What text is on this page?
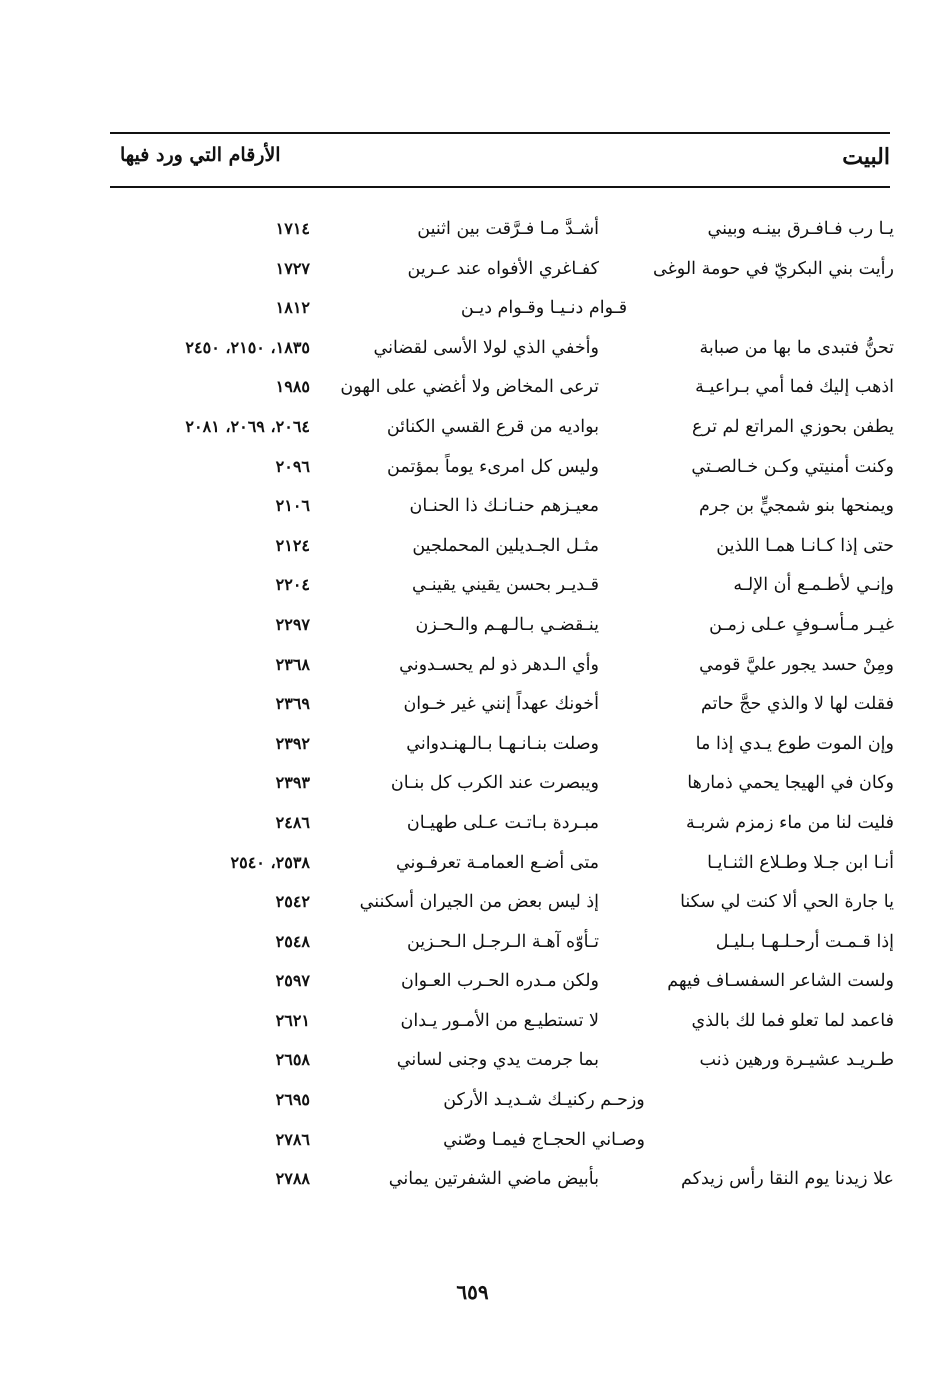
البيت
الأرقام التي ورد فيها
يـا رب فـافـرق بينـه وبيني
أشـدَّ مـا فـرَّقت بين اثنين
١٧١٤
رأيت بني البكريّ في حومة الوغى
كفـاغري الأفواه عند عـرين
١٧٢٧
قـوام دنـيـا وقـوام ديـن
١٨١٢
تحنُّ فتبدى ما بها من صبابة
وأخفي الذي لولا الأسى لقضاني
١٨٣٥، ٢١٥٠، ٢٤٥٠
اذهب إليك فما أمي بـراعيـة
ترعى المخاض ولا أغضي على الهون
١٩٨٥
يطفن بحوزي المراتع لم ترع
بواديه من قرع القسي الكنائن
٢٠٦٤، ٢٠٦٩، ٢٠٨١
وكنت أمنيتي وكـن خـالصـتي
وليس كل امرىء يوماً بمؤتمن
٢٠٩٦
ويمنحها بنو شمجيٍّ بن جرم
معيـزهم حنـانـك ذا الحنـان
٢١٠٦
حتى إذا كـانـا همـا اللذين
مثـل الجـديلين المحملجين
٢١٢٤
وإنـي لأطـمـع أن الإلـه
قـديـر بحسن يقيني يقينـي
٢٢٠٤
غيـر مـأسـوفٍ عـلى زمـن
ينـقضـي بـالـهـم والـحـزن
٢٢٩٧
ومِنْ حسد يجور عليَّ قومي
وأي الـدهر ذو لم يحسـدوني
٢٣٦٨
فقلت لها لا والذي حجَّ حاتم
أخونك عهداً إنني غير خـوان
٢٣٦٩
وإن الموت طوع يـدي إذا ما
وصلت بنـانـهـا بـالـهنـدواني
٢٣٩٢
وكان في الهيجا يحمي ذمارها
ويبصرت عند الكرب كل بنـان
٢٣٩٣
فليت لنا من ماء زمزم شربـة
مبـردة بـاتـت عـلى طهيـان
٢٤٨٦
أنـا ابن جـلا وطـلاع الثنـايـا
متى أضـع العمامـة تعرفـوني
٢٥٣٨، ٢٥٤٠
يا جارة الحي ألا كنت لي سكنا
إذ ليس بعض من الجيران أسكنني
٢٥٤٢
إذا قـمـت أرحـلـهـا بـليـل
تـأوّه آهـة الـرجـل الـحـزين
٢٥٤٨
ولست الشاعر السفسـاف فيهم
ولكن مـدره الحـرب العـوان
٢٥٩٧
فاعمد لما تعلو فما لك بالذي
لا تستطيـع من الأمـور يـدان
٢٦٢١
طـريـد عشيـرة ورهين ذنب
بما جرمت يدي وجنى لساني
٢٦٥٨
وزحـم ركنيـك شـديـد الأركن
٢٦٩٥
وصـاني الحجـاج فيمـا وصّني
٢٧٨٦
علا زيدنا يوم النقا رأس زيدكم
بأبيض ماضي الشفرتين يماني
٢٧٨٨
٦٥٩
